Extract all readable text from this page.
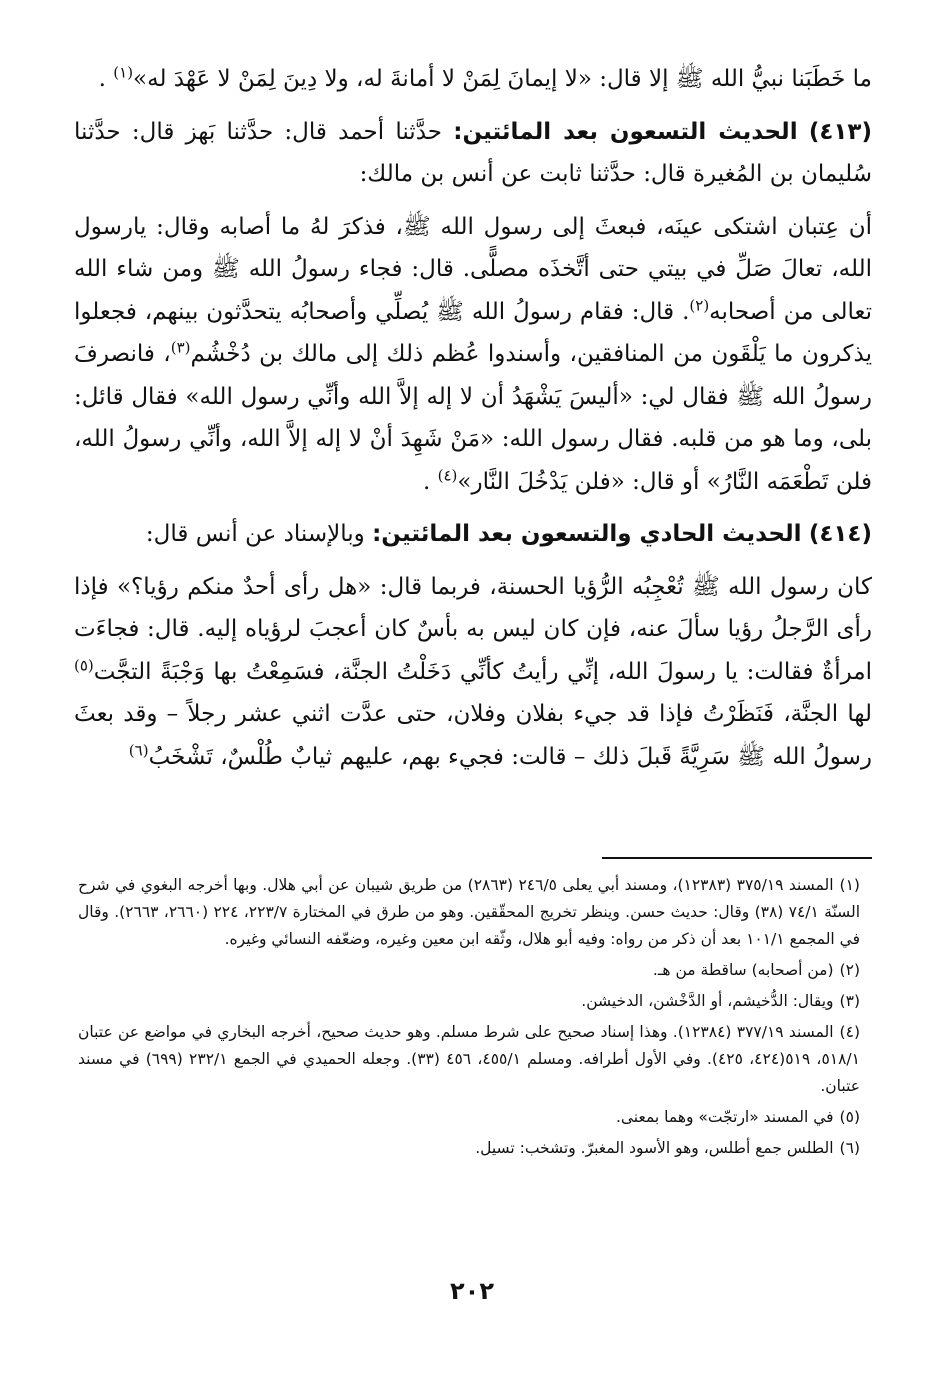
ما خَطَبَنا نبيُّ الله ﷺ إلا قال: «لا إيمانَ لِمَنْ لا أمانةَ له، ولا دِينَ لِمَنْ لا عَهْدَ له»$^{(١)}$ .

(٤١٣) الحديث التسعون بعد المائتين: حدَّثنا أحمد قال: حدَّثنا بَهز قال: حدَّثنا سُليمان بن المُغيرة قال: حدَّثنا ثابت عن أنس بن مالك:

أن عِتبان اشتكى عينَه، فبعثَ إلى رسول الله ﷺ، فذكرَ لهُ ما أصابه وقال: يارسول الله، تعالَ صَلِّ في بيتي حتى أتَّخذَه مصلًّى. قال: فجاء رسولُ الله ﷺ ومن شاء الله تعالى من أصحابه$^{(٢)}$. قال: فقام رسولُ الله ﷺ يُصلِّي وأصحابُه يتحدَّثون بينهم، فجعلوا يذكرون ما يَلْقَون من المنافقين، وأسندوا عُظم ذلك إلى مالك بن دُخْشُم$^{(٣)}$، فانصرفَ رسولُ الله ﷺ فقال لي: «أليسَ يَشْهَدُ أن لا إله إلاَّ الله وأنِّي رسول الله» فقال قائل: بلى، وما هو من قلبه. فقال رسول الله: «مَنْ شَهِدَ أنْ لا إله إلاَّ الله، وأنِّي رسولُ الله، فلن تَطْعَمَه النَّارُ» أو قال: «فلن يَدْخُلَ النَّار»$^{(٤)}$ .

(٤١٤) الحديث الحادي والتسعون بعد المائتين: وبالإسناد عن أنس قال:

كان رسول الله ﷺ تُعْجِبُه الرُّؤيا الحسنة، فربما قال: «هل رأى أحدٌ منكم رؤيا؟» فإذا رأى الرَّجلُ رؤيا سألَ عنه، فإن كان ليس به بأسٌ كان أعجبَ لرؤياه إليه. قال: فجاءَت امرأةٌ فقالت: يا رسولَ الله، إنِّي رأيتُ كأنِّي دَخَلْتُ الجنَّة، فسَمِعْتُ بها وَجْبَةً التجَّت$^{(٥)}$ لها الجنَّة، فَنَظَرْتُ فإذا قد جيء بفلان وفلان، حتى عدَّت اثني عشر رجلاً – وقد بعثَ رسولُ الله ﷺ سَرِيَّةً قَبلَ ذلك – قالت: فجيء بهم، عليهم ثيابٌ طُلْسٌ، تَشْخَبُ$^{(٦)}$

(١)المسند ٣٧٥/١٩ (١٢٣٨٣)، ومسند أبي يعلى ٢٤٦/٥ (٢٨٦٣) من طريق شيبان عن أبي هلال. وبها أخرجه البغوي في شرح السنّة ٧٤/١ (٣٨) وقال: حديث حسن. وينظر تخريج المحقّقين. وهو من طرق في المختارة ٢٢٣/٧، ٢٢٤ (٢٦٦٠، ٢٦٦٣). وقال في المجمع ١٠١/١ بعد أن ذكر من رواه: وفيه أبو هلال، وثّقه ابن معين وغيره، وضعّفه النسائي وغيره.

(٢)(من أصحابه) ساقطة من هـ.

(٣)ويقال: الدُّخيشم، أو الدَّخْشن، الدخيشن.

(٤)المسند ٣٧٧/١٩ (١٢٣٨٤). وهذا إسناد صحيح على شرط مسلم. وهو حديث صحيح، أخرجه البخاري في مواضع عن عتبان ٥١٨/١، ٥١٩(٤٢٤، ٤٢٥). وفي الأول أطرافه. ومسلم ٤٥٥/١، ٤٥٦ (٣٣). وجعله الحميدي في الجمع ٢٣٢/١ (٦٩٩) في مسند عتبان.

(٥)في المسند «ارتجّت» وهما بمعنى.

(٦)الطلس جمع أطلس، وهو الأسود المغبرّ. وتشخب: تسيل.

٢٠٢
